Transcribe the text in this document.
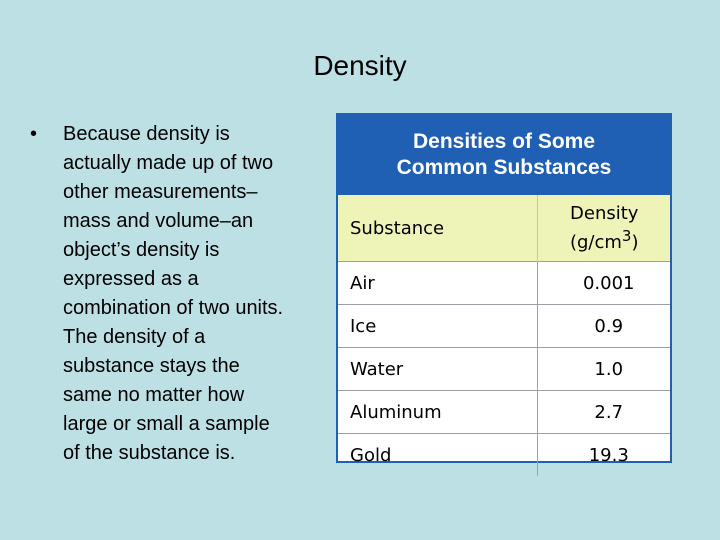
Density
• Because density is
actually made up of two
other measurements–
mass and volume–an
object’s density is
expressed as a
combination of two units.
The density of a
substance stays the
same no matter how
large or small a sample
of the substance is.
Densities of Some
Common Substances
Substance	Density
$(g/cm^3)$
Air	0.001
Ice	0.9
Water	1.0
Aluminum	2.7
Gold	19.3
